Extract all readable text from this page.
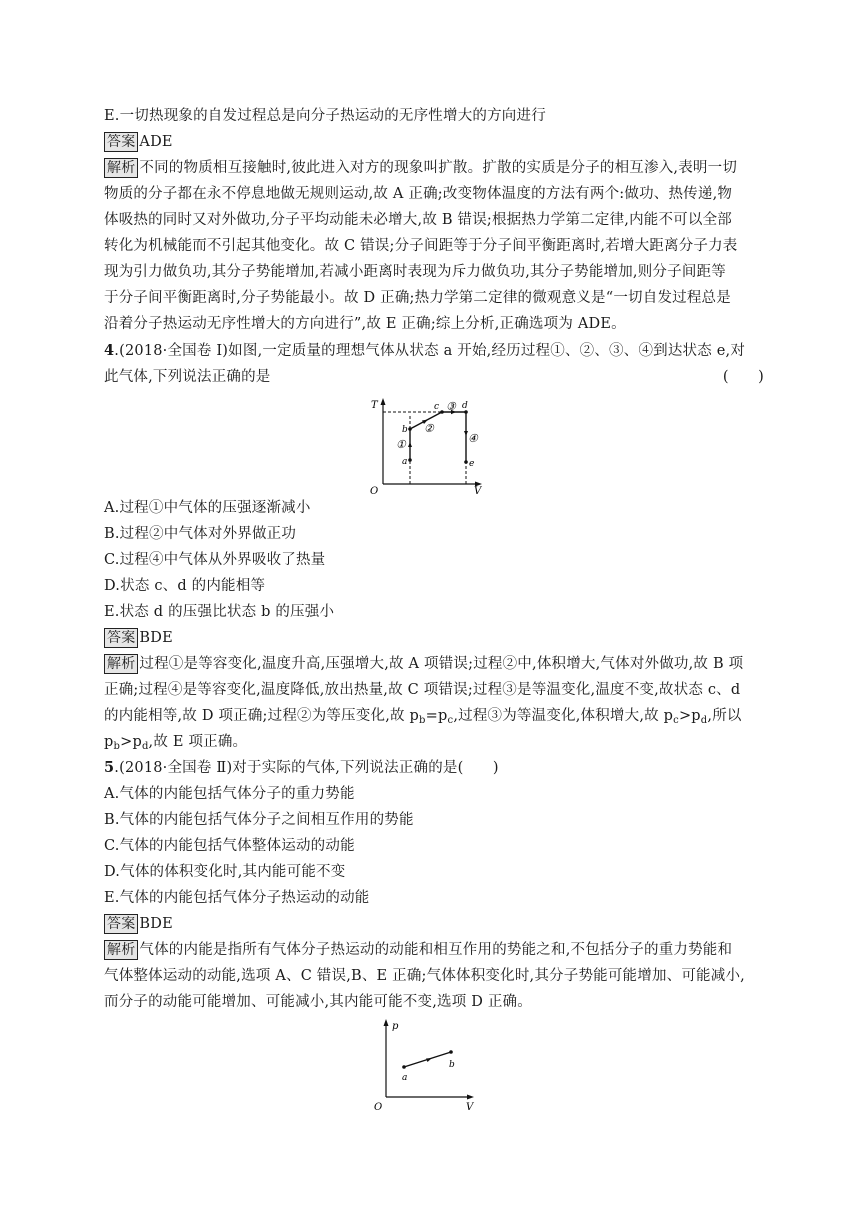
E.一切热现象的自发过程总是向分子热运动的无序性增大的方向进行
答案 ADE
解析 不同的物质相互接触时,彼此进入对方的现象叫扩散。扩散的实质是分子的相互渗入,表明一切
物质的分子都在永不停息地做无规则运动,故 A 正确;改变物体温度的方法有两个:做功、热传递,物
体吸热的同时又对外做功,分子平均动能未必增大,故 B 错误;根据热力学第二定律,内能不可以全部
转化为机械能而不引起其他变化。故 C 错误;分子间距等于分子间平衡距离时,若增大距离分子力表
现为引力做负功,其分子势能增加,若减小距离时表现为斥力做负功,其分子势能增加,则分子间距等
于分子间平衡距离时,分子势能最小。故 D 正确;热力学第二定律的微观意义是“一切自发过程总是
沿着分子热运动无序性增大的方向进行”,故 E 正确;综上分析,正确选项为 ADE。
4.(2018·全国卷 Ⅰ)如图,一定质量的理想气体从状态 a 开始,经历过程①、②、③、④到达状态 e,对
此气体,下列说法正确的是	(　　)
T
V
O
a
b
c	d
e
①
②
③
④
A.过程①中气体的压强逐渐减小
B.过程②中气体对外界做正功
C.过程④中气体从外界吸收了热量
D.状态 c、d 的内能相等
E.状态 d 的压强比状态 b 的压强小
答案 BDE
解析 过程①是等容变化,温度升高,压强增大,故 A 项错误;过程②中,体积增大,气体对外做功,故 B 项
正确;过程④是等容变化,温度降低,放出热量,故 C 项错误;过程③是等温变化,温度不变,故状态 c、d
的内能相等,故 D 项正确;过程②为等压变化,故 $p_b=p_c$,过程③为等温变化,体积增大,故 $p_c>p_d$,所以
$p_b>p_d$,故 E 项正确。
5.(2018·全国卷 Ⅱ)对于实际的气体,下列说法正确的是(　　)
A.气体的内能包括气体分子的重力势能
B.气体的内能包括气体分子之间相互作用的势能
C.气体的内能包括气体整体运动的动能
D.气体的体积变化时,其内能可能不变
E.气体的内能包括气体分子热运动的动能
答案 BDE
解析 气体的内能是指所有气体分子热运动的动能和相互作用的势能之和,不包括分子的重力势能和
气体整体运动的动能,选项 A、C 错误,B、E 正确;气体体积变化时,其分子势能可能增加、可能减小,
而分子的动能可能增加、可能减小,其内能可能不变,选项 D 正确。
p
V
O
a
b
